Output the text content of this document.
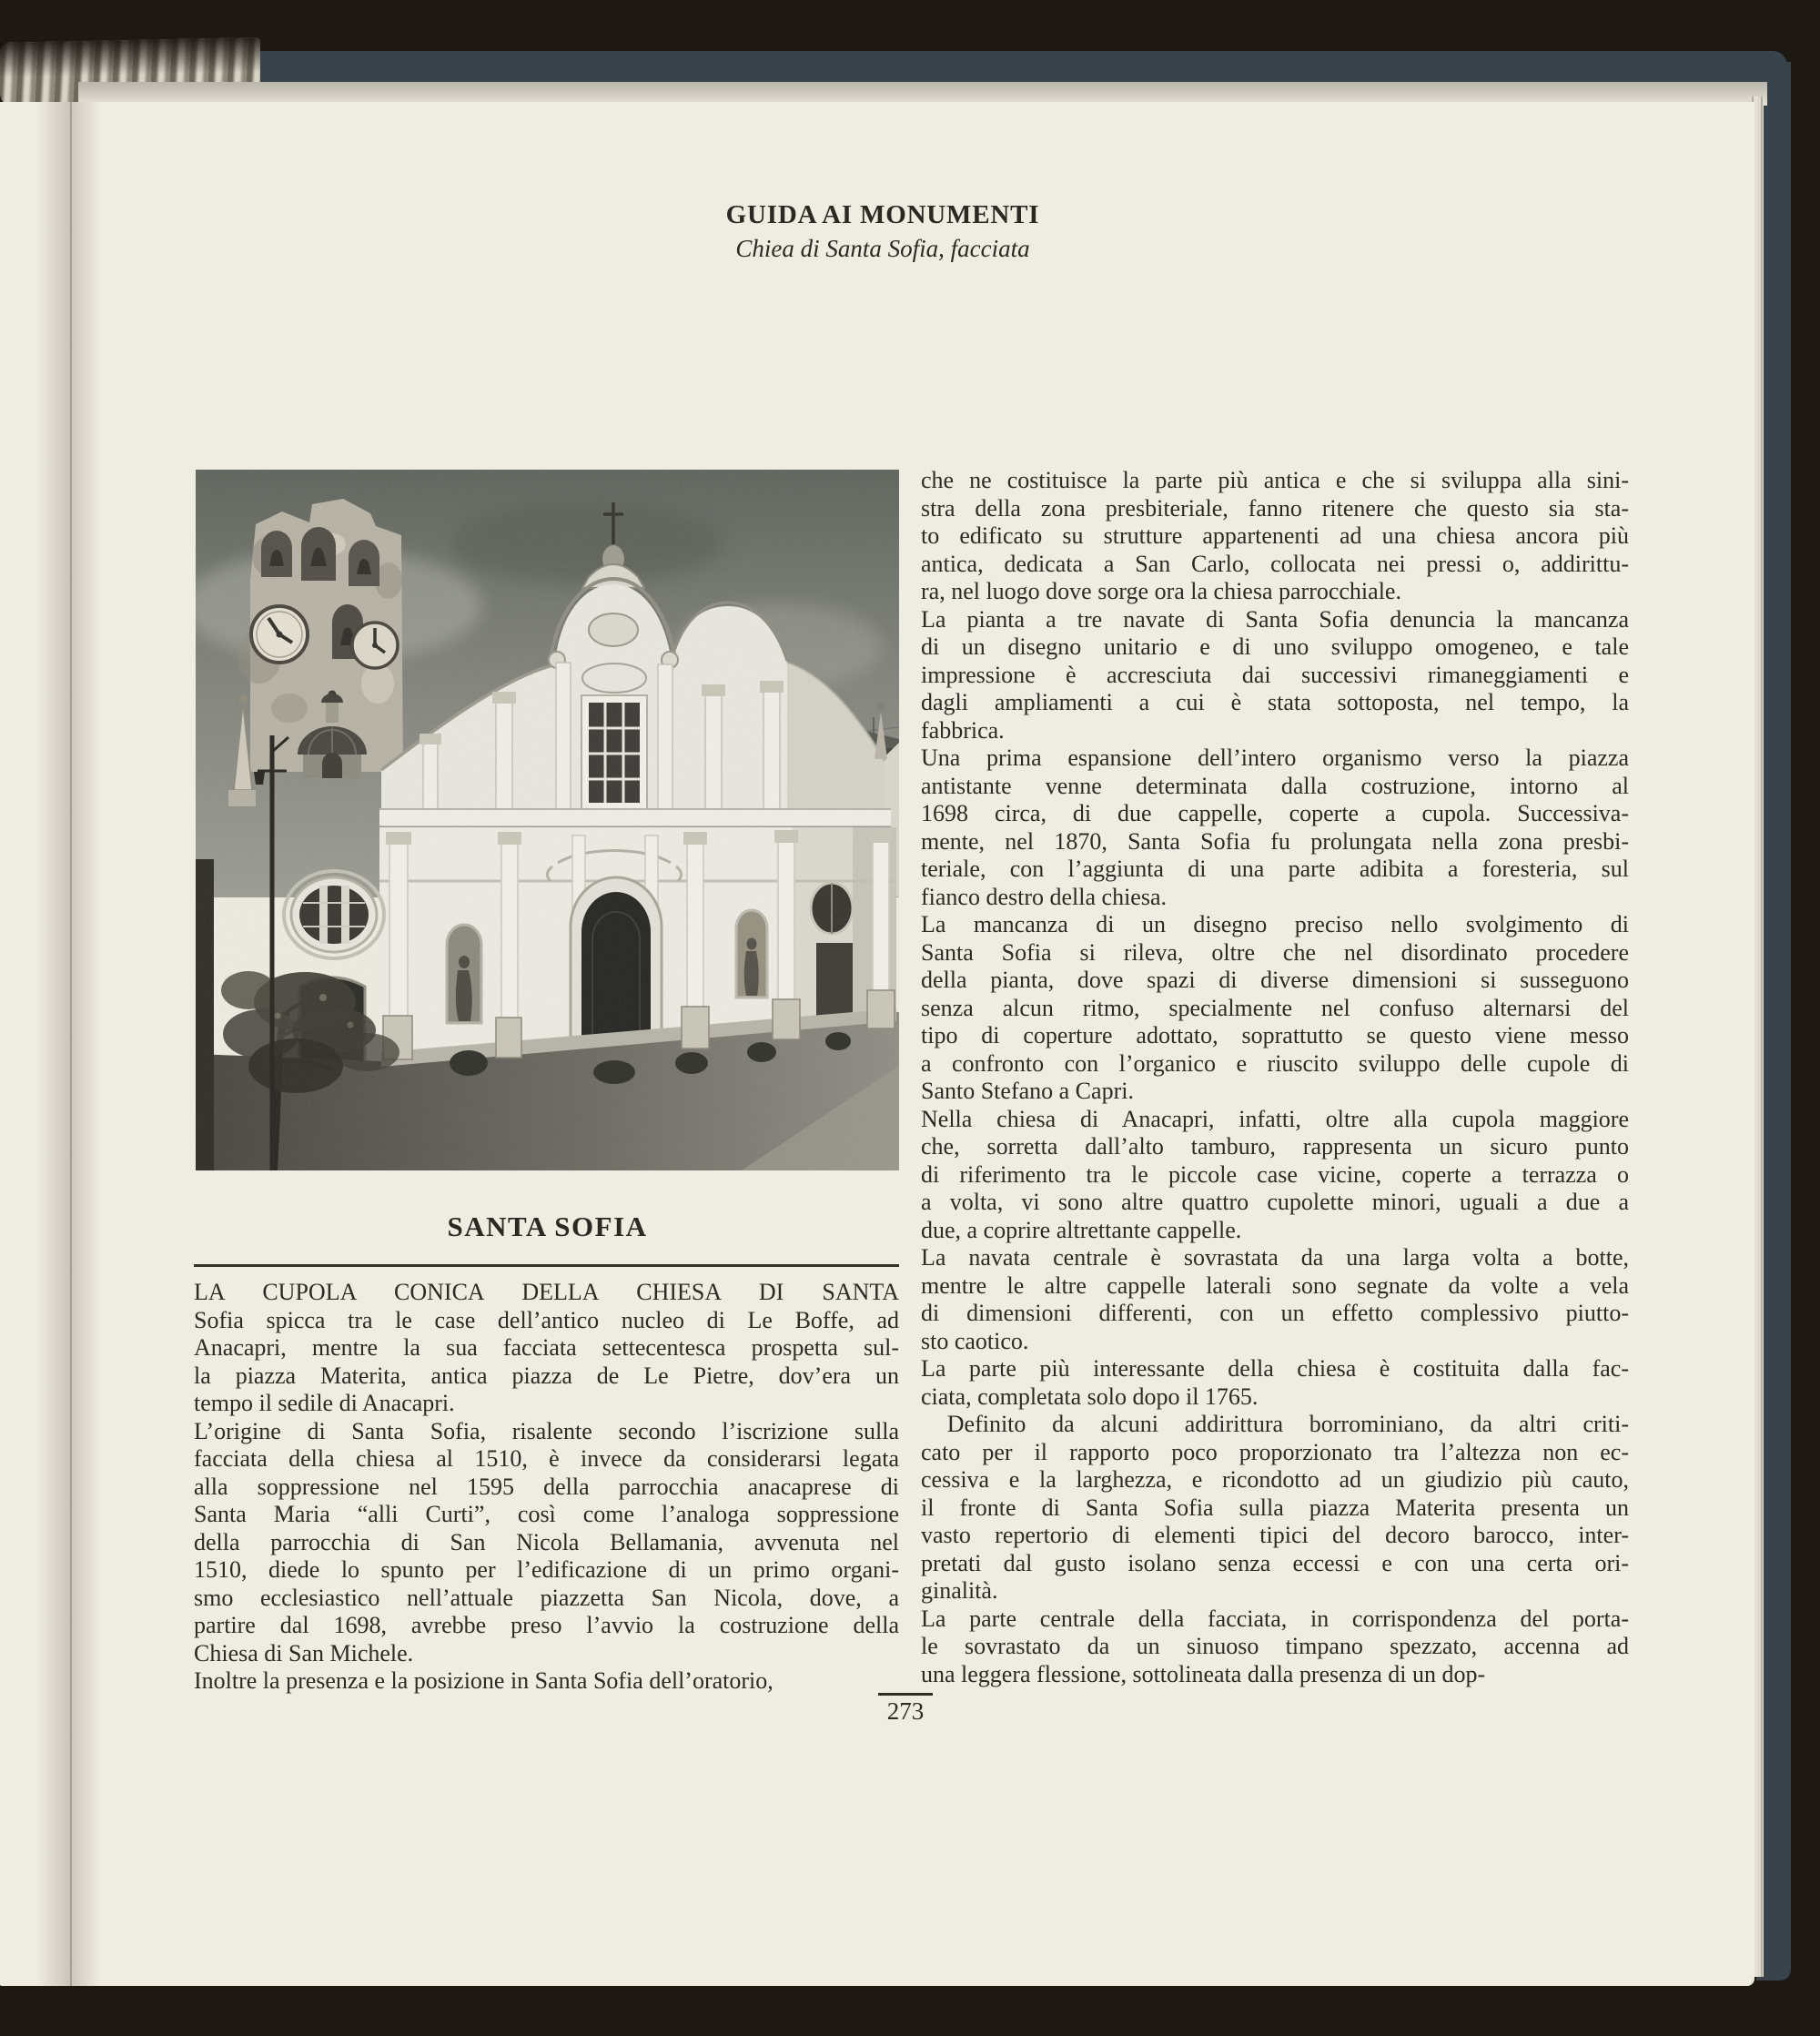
GUIDA AI MONUMENTI
Chiea di Santa Sofia, facciata
SANTA SOFIA
LA CUPOLA CONICA DELLA CHIESA DI SANTA
Sofia spicca tra le case dell’antico nucleo di Le Boffe, ad
Anacapri, mentre la sua facciata settecentesca prospetta sul-
la piazza Materita, antica piazza de Le Pietre, dov’era un
tempo il sedile di Anacapri.
L’origine di Santa Sofia, risalente secondo l’iscrizione sulla
facciata della chiesa al 1510, è invece da considerarsi legata
alla soppressione nel 1595 della parrocchia anacaprese di
Santa Maria “alli Curti”, così come l’analoga soppressione
della parrocchia di San Nicola Bellamania, avvenuta nel
1510, diede lo spunto per l’edificazione di un primo organi-
smo ecclesiastico nell’attuale piazzetta San Nicola, dove, a
partire dal 1698, avrebbe preso l’avvio la costruzione della
Chiesa di San Michele.
Inoltre la presenza e la posizione in Santa Sofia dell’oratorio,
che ne costituisce la parte più antica e che si sviluppa alla sini-
stra della zona presbiteriale, fanno ritenere che questo sia sta-
to edificato su strutture appartenenti ad una chiesa ancora più
antica, dedicata a San Carlo, collocata nei pressi o, addirittu-
ra, nel luogo dove sorge ora la chiesa parrocchiale.
La pianta a tre navate di Santa Sofia denuncia la mancanza
di un disegno unitario e di uno sviluppo omogeneo, e tale
impressione è accresciuta dai successivi rimaneggiamenti e
dagli ampliamenti a cui è stata sottoposta, nel tempo, la
fabbrica.
Una prima espansione dell’intero organismo verso la piazza
antistante venne determinata dalla costruzione, intorno al
1698 circa, di due cappelle, coperte a cupola. Successiva-
mente, nel 1870, Santa Sofia fu prolungata nella zona presbi-
teriale, con l’aggiunta di una parte adibita a foresteria, sul
fianco destro della chiesa.
La mancanza di un disegno preciso nello svolgimento di
Santa Sofia si rileva, oltre che nel disordinato procedere
della pianta, dove spazi di diverse dimensioni si susseguono
senza alcun ritmo, specialmente nel confuso alternarsi del
tipo di coperture adottato, soprattutto se questo viene messo
a confronto con l’organico e riuscito sviluppo delle cupole di
Santo Stefano a Capri.
Nella chiesa di Anacapri, infatti, oltre alla cupola maggiore
che, sorretta dall’alto tamburo, rappresenta un sicuro punto
di riferimento tra le piccole case vicine, coperte a terrazza o
a volta, vi sono altre quattro cupolette minori, uguali a due a
due, a coprire altrettante cappelle.
La navata centrale è sovrastata da una larga volta a botte,
mentre le altre cappelle laterali sono segnate da volte a vela
di dimensioni differenti, con un effetto complessivo piutto-
sto caotico.
La parte più interessante della chiesa è costituita dalla fac-
ciata, completata solo dopo il 1765.
Definito da alcuni addirittura borrominiano, da altri criti-
cato per il rapporto poco proporzionato tra l’altezza non ec-
cessiva e la larghezza, e ricondotto ad un giudizio più cauto,
il fronte di Santa Sofia sulla piazza Materita presenta un
vasto repertorio di elementi tipici del decoro barocco, inter-
pretati dal gusto isolano senza eccessi e con una certa ori-
ginalità.
La parte centrale della facciata, in corrispondenza del porta-
le sovrastato da un sinuoso timpano spezzato, accenna ad
una leggera flessione, sottolineata dalla presenza di un dop-
273
